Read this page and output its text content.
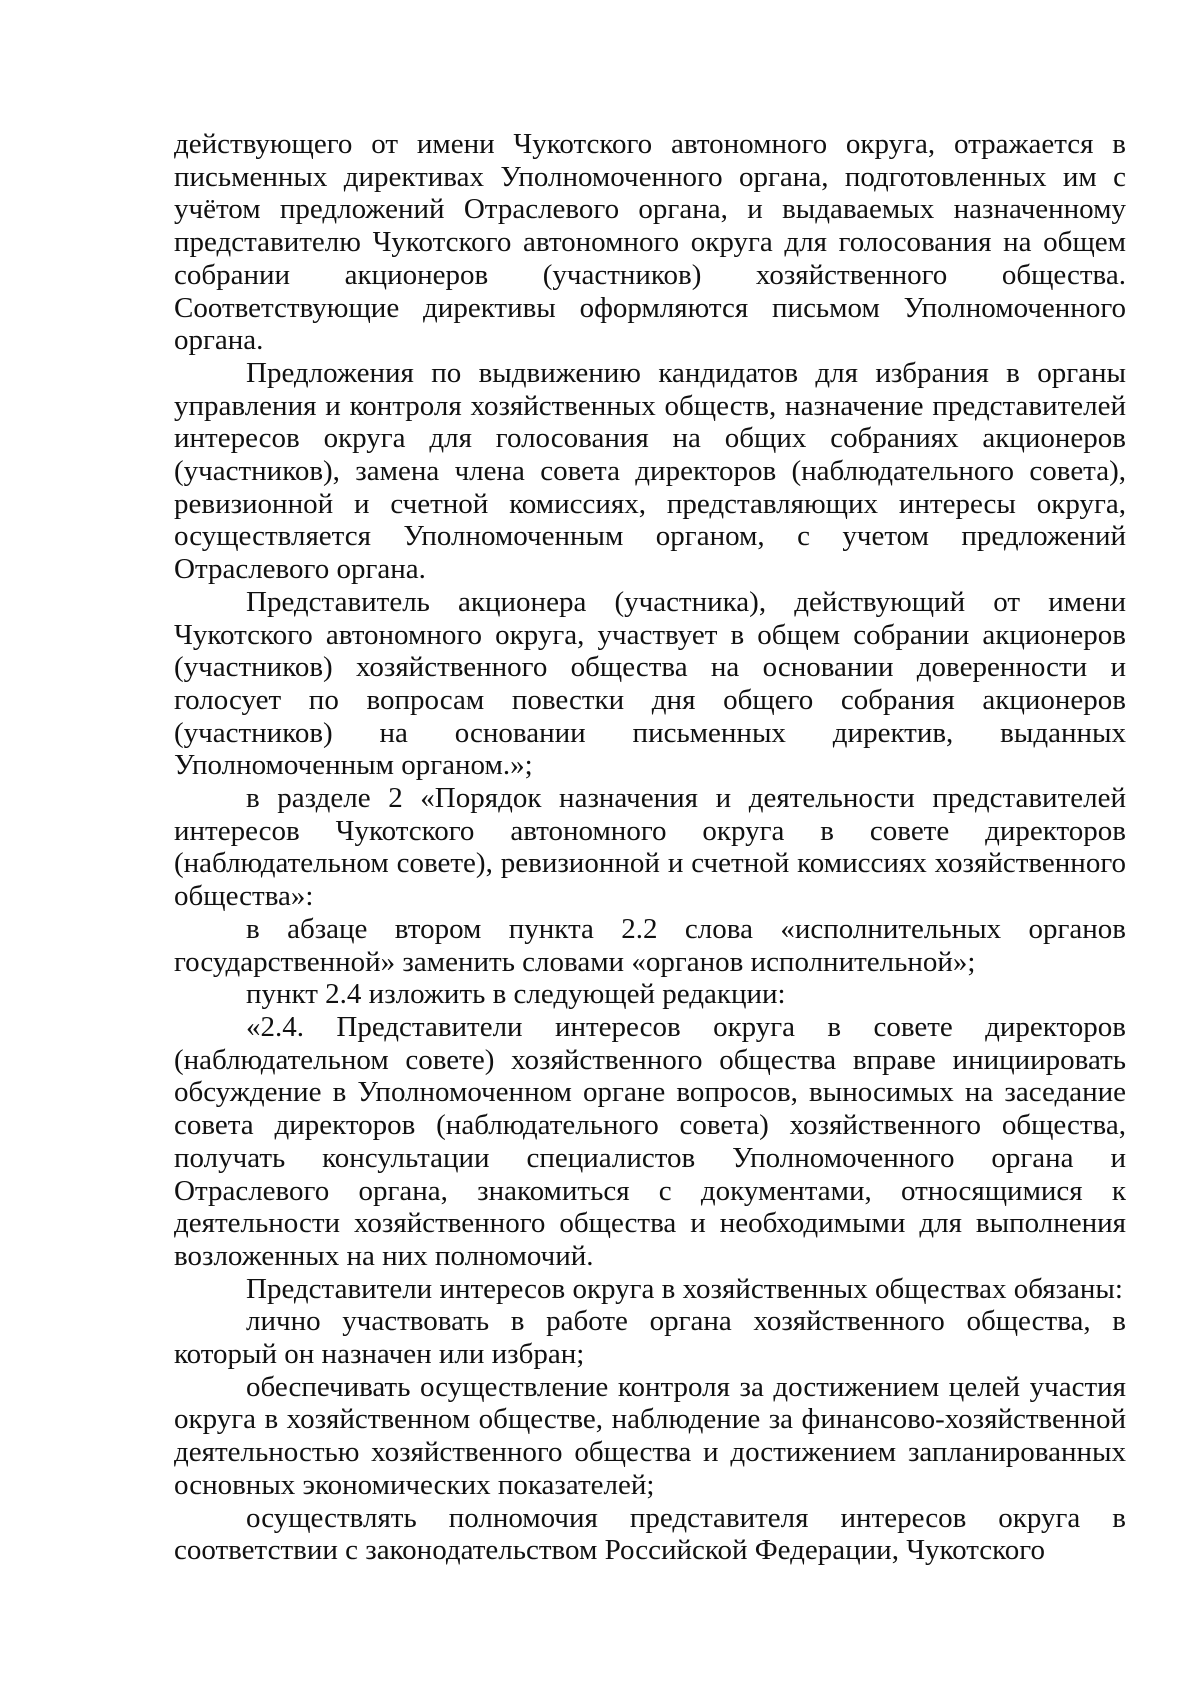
действующего от имени Чукотского автономного округа, отражается в письменных директивах Уполномоченного органа, подготовленных им с учётом предложений Отраслевого органа, и выдаваемых назначенному представителю Чукотского автономного округа для голосования на общем собрании акционеров (участников) хозяйственного общества. Соответствующие директивы оформляются письмом Уполномоченного органа.

Предложения по выдвижению кандидатов для избрания в органы управления и контроля хозяйственных обществ, назначение представителей интересов округа для голосования на общих собраниях акционеров (участников), замена члена совета директоров (наблюдательного совета), ревизионной и счетной комиссиях, представляющих интересы округа, осуществляется Уполномоченным органом, с учетом предложений Отраслевого органа.

Представитель акционера (участника), действующий от имени Чукотского автономного округа, участвует в общем собрании акционеров (участников) хозяйственного общества на основании доверенности и голосует по вопросам повестки дня общего собрания акционеров (участников) на основании письменных директив, выданных Уполномоченным органом.»;

в разделе 2 «Порядок назначения и деятельности представителей интересов Чукотского автономного округа в совете директоров (наблюдательном совете), ревизионной и счетной комиссиях хозяйственного общества»:

в абзаце втором пункта 2.2 слова «исполнительных органов государственной» заменить словами «органов исполнительной»;

пункт 2.4 изложить в следующей редакции:

«2.4. Представители интересов округа в совете директоров (наблюдательном совете) хозяйственного общества вправе инициировать обсуждение в Уполномоченном органе вопросов, выносимых на заседание совета директоров (наблюдательного совета) хозяйственного общества, получать консультации специалистов Уполномоченного органа и Отраслевого органа, знакомиться с документами, относящимися к деятельности хозяйственного общества и необходимыми для выполнения возложенных на них полномочий.

Представители интересов округа в хозяйственных обществах обязаны:

лично участвовать в работе органа хозяйственного общества, в который он назначен или избран;

обеспечивать осуществление контроля за достижением целей участия округа в хозяйственном обществе, наблюдение за финансово-хозяйственной деятельностью хозяйственного общества и достижением запланированных основных экономических показателей;

осуществлять полномочия представителя интересов округа в соответствии с законодательством Российской Федерации, Чукотского
